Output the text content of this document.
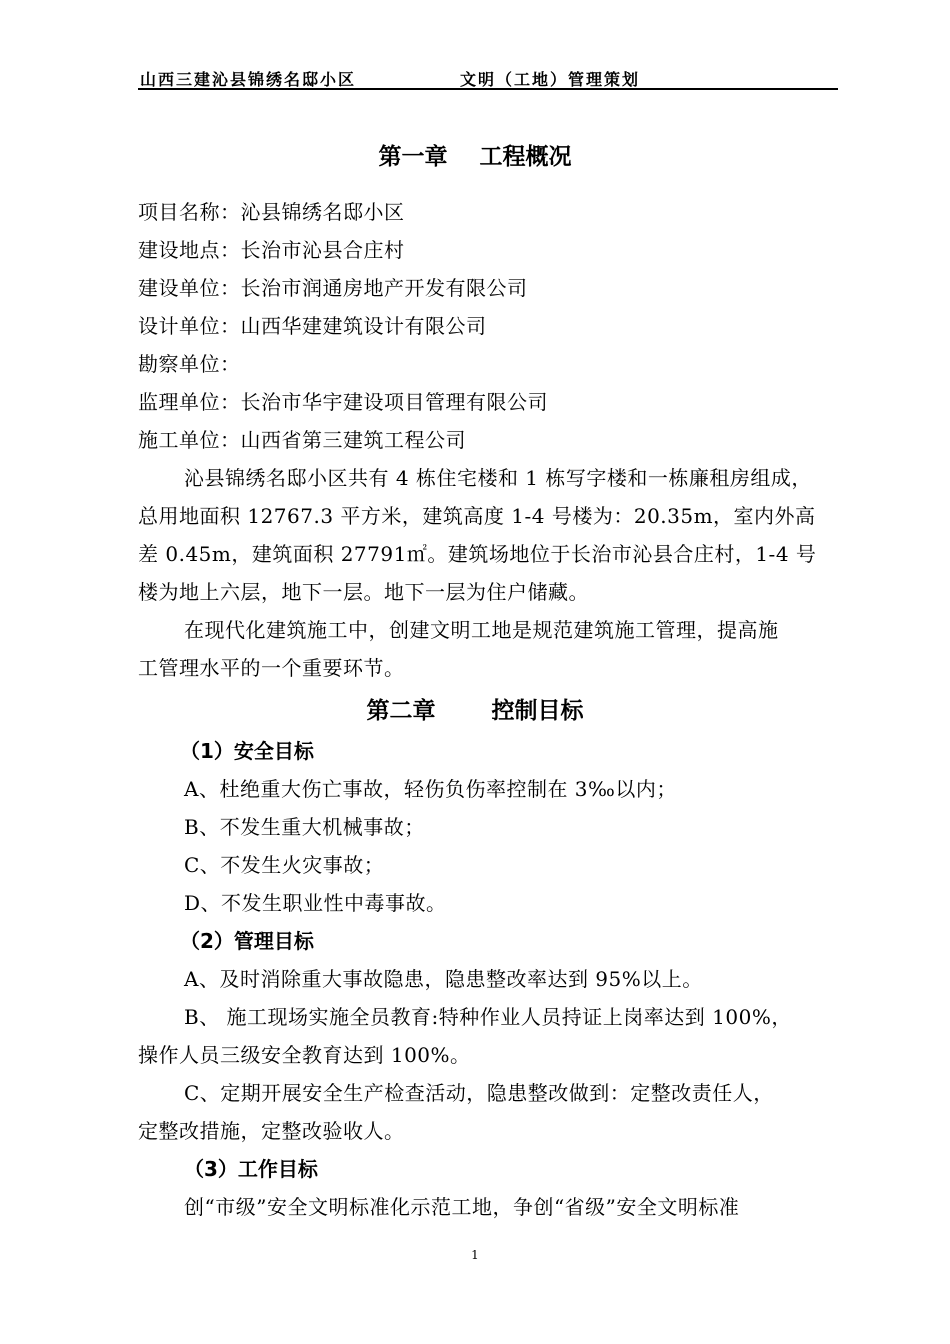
山西三建沁县锦绣名邸小区	文明（工地）管理策划
第一章    工程概况
项目名称：沁县锦绣名邸小区
建设地点：长治市沁县合庄村
建设单位：长治市润通房地产开发有限公司
设计单位：山西华建建筑设计有限公司
勘察单位：
监理单位：长治市华宇建设项目管理有限公司
施工单位：山西省第三建筑工程公司
沁县锦绣名邸小区共有 4 栋住宅楼和 1 栋写字楼和一栋廉租房组成，
总用地面积 12767.3 平方米，建筑高度 1-4 号楼为：20.35m，室内外高
差 0.45m，建筑面积 27791㎡。建筑场地位于长治市沁县合庄村，1-4 号
楼为地上六层，地下一层。地下一层为住户储藏。
在现代化建筑施工中，创建文明工地是规范建筑施工管理，提高施
工管理水平的一个重要环节。
第二章       控制目标
（1）安全目标
A、杜绝重大伤亡事故，轻伤负伤率控制在 3‰以内；
B、不发生重大机械事故；
C、不发生火灾事故；
D、不发生职业性中毒事故。
（2）管理目标
A、及时消除重大事故隐患，隐患整改率达到 95%以上。
B、 施工现场实施全员教育:特种作业人员持证上岗率达到 100%，
操作人员三级安全教育达到 100%。
C、定期开展安全生产检查活动，隐患整改做到：定整改责任人，
定整改措施，定整改验收人。
（3）工作目标
创“市级”安全文明标准化示范工地，争创“省级”安全文明标准
1
